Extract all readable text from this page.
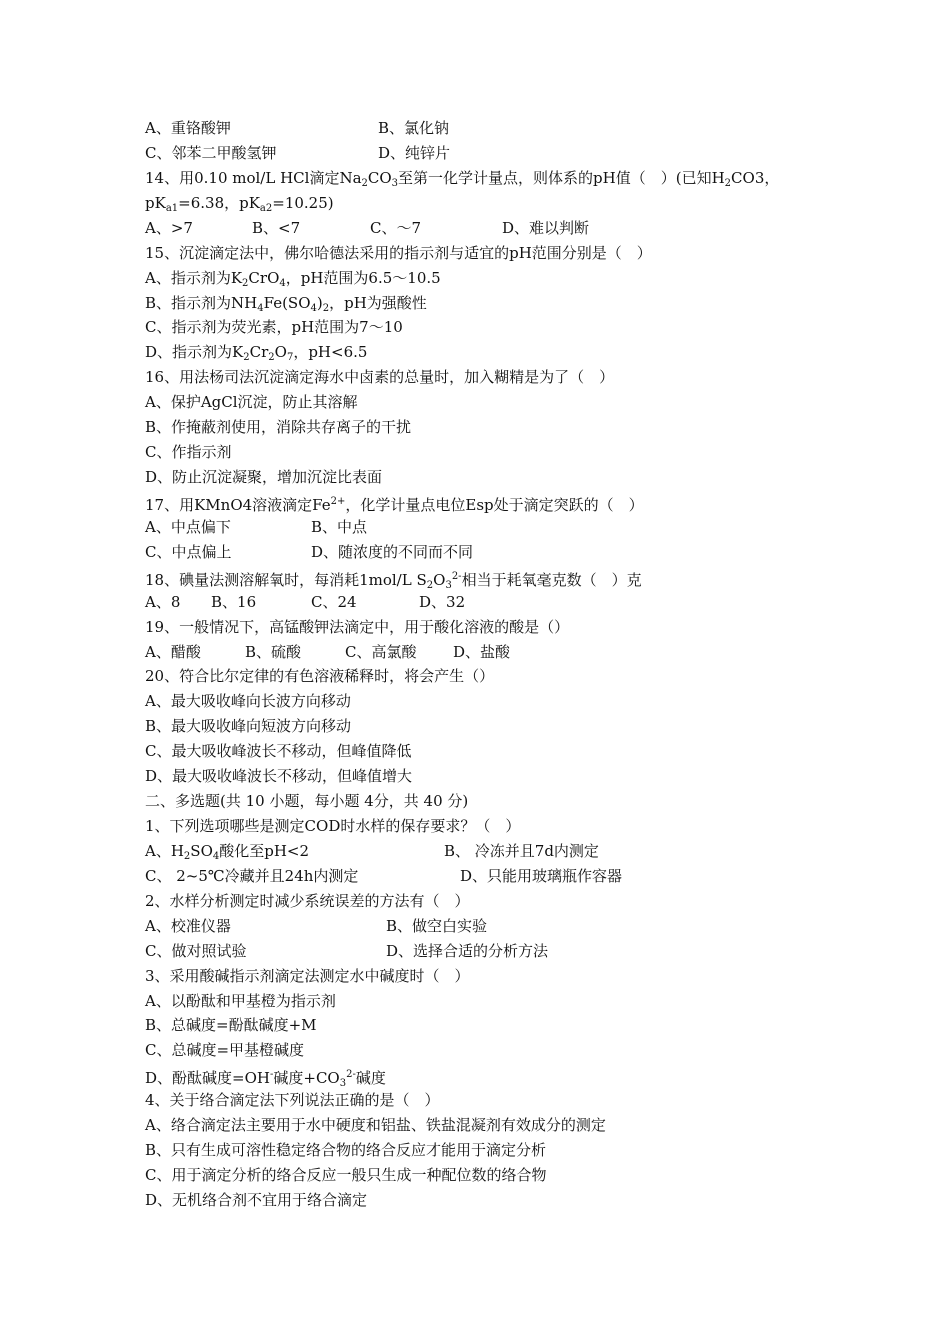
A、重铬酸钾	B、氯化钠
C、邻苯二甲酸氢钾	D、纯锌片
14、用0.10 mol/L HCl滴定$Na_2CO_3$至第一化学计量点，则体系的pH值（　）(已知$H_2CO3$，
$pK_{a1}=6.38$，$pK_{a2}=10.25$)
A、>7	B、<7	C、～7	D、难以判断
15、沉淀滴定法中，佛尔哈德法采用的指示剂与适宜的pH范围分别是（　）
A、指示剂为$K_2CrO_4$，pH范围为6.5～10.5
B、指示剂为$NH_4Fe(SO_4)_2$，pH为强酸性
C、指示剂为荧光素，pH范围为7～10
D、指示剂为$K_2Cr_2O_7$，pH<6.5
16、用法杨司法沉淀滴定海水中卤素的总量时，加入糊精是为了（　）
A、保护AgCl沉淀，防止其溶解
B、作掩蔽剂使用，消除共存离子的干扰
C、作指示剂
D、防止沉淀凝聚，增加沉淀比表面
17、用KMnO4溶液滴定$Fe^{2+}$，化学计量点电位Esp处于滴定突跃的（　）
A、中点偏下	B、中点
C、中点偏上	D、随浓度的不同而不同
18、碘量法测溶解氧时，每消耗1mol/L $S_2O_3^{2-}$相当于耗氧毫克数（　）克
A、8 B、16	C、24	D、32
19、一般情况下，高锰酸钾法滴定中，用于酸化溶液的酸是（）
A、醋酸	B、硫酸	C、高氯酸 D、盐酸
20、符合比尔定律的有色溶液稀释时，将会产生（）
A、最大吸收峰向长波方向移动
B、最大吸收峰向短波方向移动
C、最大吸收峰波长不移动，但峰值降低
D、最大吸收峰波长不移动，但峰值增大
二、多选题(共 10 小题，每小题 4分，共 40 分)
1、下列选项哪些是测定COD时水样的保存要求？（　）
A、$H_2SO_4$酸化至pH<2	B、 冷冻并且7d内测定
C、 2~5℃冷藏并且24h内测定	D、只能用玻璃瓶作容器
2、水样分析测定时减少系统误差的方法有（　）
A、校准仪器	B、做空白实验
C、做对照试验	D、选择合适的分析方法
3、采用酸碱指示剂滴定法测定水中碱度时（　）
A、以酚酞和甲基橙为指示剂
B、总碱度=酚酞碱度+M
C、总碱度=甲基橙碱度
D、酚酞碱度=OH-碱度$+CO_3^{2-}$碱度
4、关于络合滴定法下列说法正确的是（　）
A、络合滴定法主要用于水中硬度和铝盐、铁盐混凝剂有效成分的测定
B、只有生成可溶性稳定络合物的络合反应才能用于滴定分析
C、用于滴定分析的络合反应一般只生成一种配位数的络合物
D、无机络合剂不宜用于络合滴定
